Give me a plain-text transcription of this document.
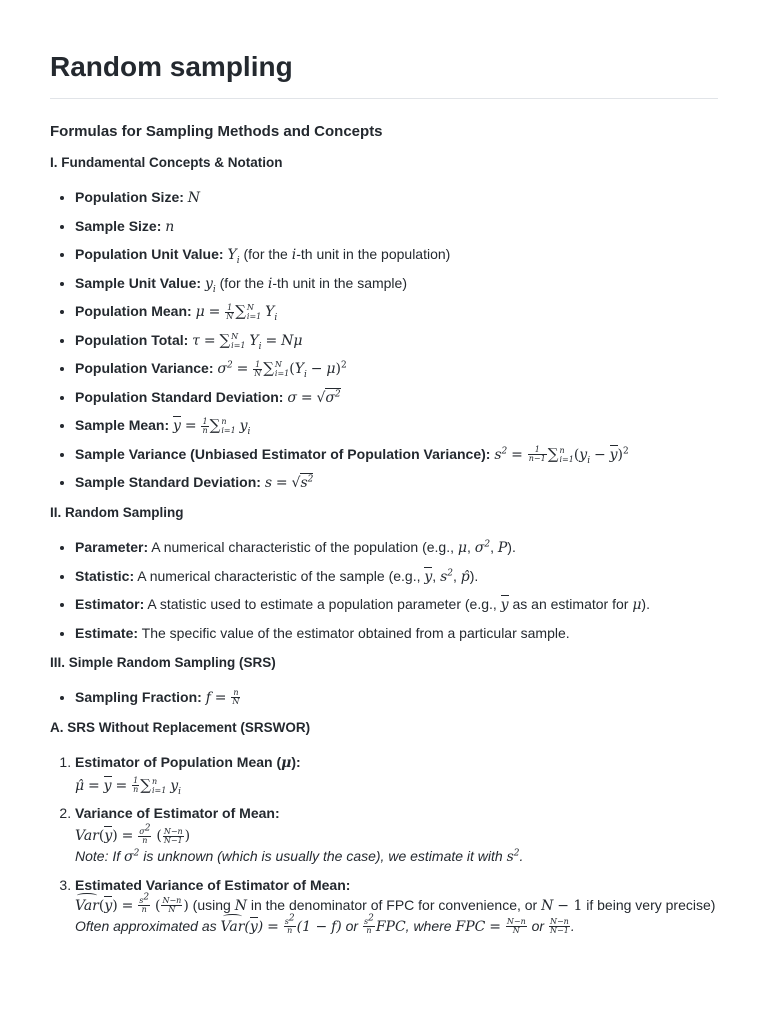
Random sampling
Formulas for Sampling Methods and Concepts
I. Fundamental Concepts & Notation
• Population Size: N
• Sample Size: n
• Population Unit Value: $Y_i$ (for the i-th unit in the population)
• Sample Unit Value: $y_i$ (for the i-th unit in the sample)
• Population Mean: $\mu = \frac{1}{N}$ ∑ N
i=1 $Y_i$
• Population Total: τ = ∑ N
i=1 $Y_i = N\mu$
• Population Variance: $\sigma^2 = \frac{1}{N}$ ∑ N
i=1 $(Y_i - \mu)^2$
• Population Standard Deviation: $\sigma = √\sigma^2$
• Sample Mean: $y = \frac{1}{n}$ ∑ n
i=1 $y_i$
• Sample Variance (Unbiased Estimator of Population Variance): $s^2 = \frac{1}{n-1}$ ∑ n
i=1 $(y_i - y)^2$
• Sample Standard Deviation: $s = √s^2$
II. Random Sampling
• Parameter: A numerical characteristic of the population (e.g., μ, $\sigma^2$, P).
• Statistic: A numerical characteristic of the sample (e.g., y, $s^2$, p̂).
• Estimator: A statistic used to estimate a population parameter (e.g., y as an estimator for μ).
• Estimate: The specific value of the estimator obtained from a particular sample.
III. Simple Random Sampling (SRS)
• Sampling Fraction: $f = \frac{n}{N}$
A. SRS Without Replacement (SRSWOR)
1. Estimator of Population Mean (μ):
μ̂ = $y = \frac{1}{n}$ ∑ n
i=1 $y_i$
2. Variance of Estimator of Mean:
$Var(y) = \frac{\sigma^2}{n}$ ( $\frac{N-n}{N-1}$ )
Note: If $\sigma^2$ is unknown (which is usually the case), we estimate it with $s^2$.
3. Estimated Variance of Estimator of Mean:
$Var(y) = \frac{s^2}{n}$ ( $\frac{N-n}{N}$ ) (using N in the denominator of FPC for convenience, or N − 1 if being very precise)
Often approximated as $Var(y) = \frac{s^2}{n} (1 - f)$ or $\frac{s^2}{n}$ FPC, where FPC = $\frac{N-n}{N}$ or $\frac{N-n}{N-1}$ .
